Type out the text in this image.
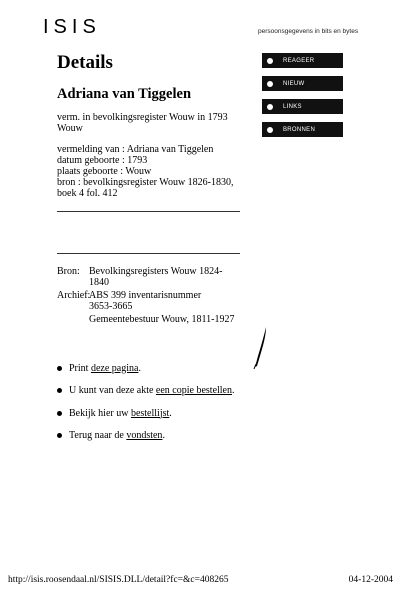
ISIS	persoonsgegevens in bits en bytes
Details
Adriana van Tiggelen
verm. in bevolkingsregister Wouw in 1793
Wouw
vermelding van : Adriana van Tiggelen
datum geboorte : 1793
plaats geboorte : Wouw
bron : bevolkingsregister Wouw 1826-1830,
boek 4 fol. 412
Bron: Bevolkingsregisters Wouw 1824-1840
Archief:
ABS 399 inventarisnummer 3653-3665
Gemeentebestuur Wouw, 1811-1927
Print deze pagina .
U kunt van deze akte een copie bestellen .
Bekijk hier uw bestellijst .
Terug naar de vondsten .
REAGEER
NIEUW
LINKS
BRONNEN
http://isis.roosendaal.nl/SISIS.DLL/detail?fc=&c=408265	04-12-2004
